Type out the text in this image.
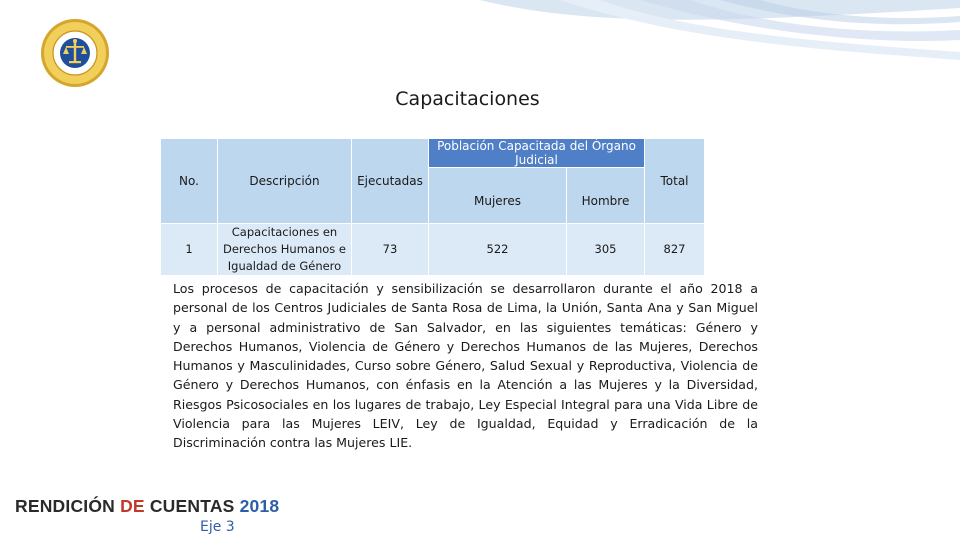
Capacitaciones
No.	Descripción	Ejecutadas	Población Capacitada del Órgano Judicial		Total
			Mujeres	Hombre	
1	Capacitaciones en Derechos Humanos e Igualdad de Género	73	522	305	827
Los procesos de capacitación y sensibilización se desarrollaron durante el año 2018 a personal de los Centros Judiciales de Santa Rosa de Lima, la Unión, Santa Ana y San Miguel y a personal administrativo de San Salvador, en las siguientes temáticas: Género y Derechos Humanos, Violencia de Género y Derechos Humanos de las Mujeres, Derechos Humanos y Masculinidades, Curso sobre Género, Salud Sexual y Reproductiva, Violencia de Género y Derechos Humanos, con énfasis en la Atención a las Mujeres y la Diversidad, Riesgos Psicosociales en los lugares de trabajo, Ley Especial Integral para una Vida Libre de Violencia para las Mujeres LEIV, Ley de Igualdad, Equidad y Erradicación de la Discriminación contra las Mujeres LIE.
RENDICIÓN DE CUENTAS 2018
Eje 3
